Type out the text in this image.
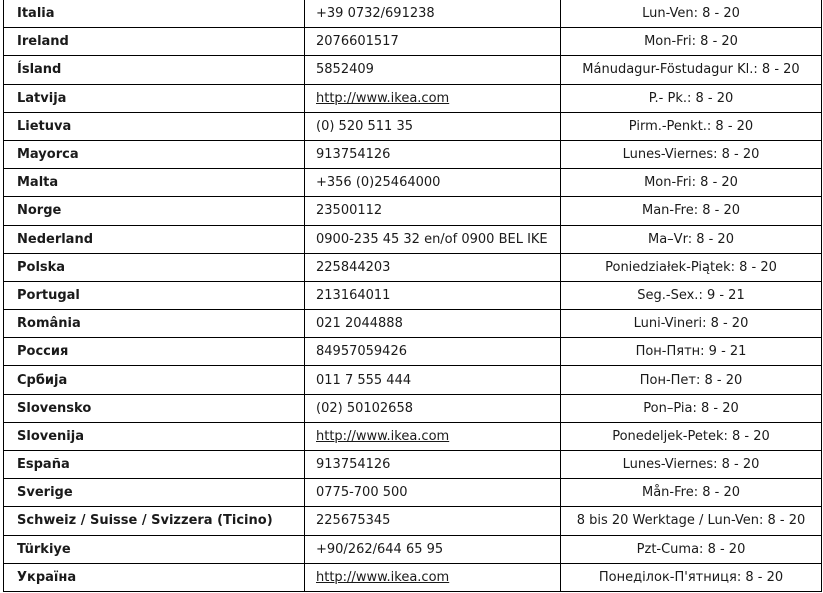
Italia	+39 0732/691238	Lun-Ven: 8 - 20
Ireland	2076601517	Mon-Fri: 8 - 20
Ísland	5852409	Mánudagur-Föstudagur Kl.: 8 - 20
Latvija	http://www.ikea.com	P.- Pk.: 8 - 20
Lietuva	(0) 520 511 35	Pirm.-Penkt.: 8 - 20
Mayorca	913754126	Lunes-Viernes: 8 - 20
Malta	+356 (0)25464000	Mon-Fri: 8 - 20
Norge	23500112	Man-Fre: 8 - 20
Nederland	0900-235 45 32 en/of 0900 BEL IKE	Ma–Vr: 8 - 20
Polska	225844203	Poniedziałek-Piątek: 8 - 20
Portugal	213164011	Seg.-Sex.: 9 - 21
România	021 2044888	Luni-Vineri: 8 - 20
Россия	84957059426	Пон-Пятн: 9 - 21
Србија	011 7 555 444	Пон-Пет: 8 - 20
Slovensko	(02) 50102658	Pon–Pia: 8 - 20
Slovenija	http://www.ikea.com	Ponedeljek-Petek: 8 - 20
España	913754126	Lunes-Viernes: 8 - 20
Sverige	0775-700 500	Mån-Fre: 8 - 20
Schweiz / Suisse / Svizzera (Ticino)	225675345	8 bis 20 Werktage / Lun-Ven: 8 - 20
Türkiye	+90/262/644 65 95	Pzt-Cuma: 8 - 20
Україна	http://www.ikea.com	Понеділок-П'ятниця: 8 - 20
